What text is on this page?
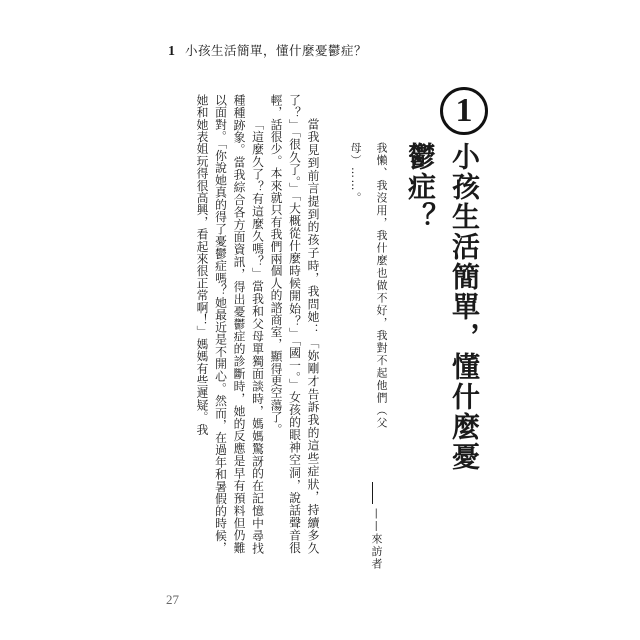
1 小孩生活簡單，懂什麼憂鬱症？
1
小孩生活簡單，懂什麼憂鬱症？
我懶、我沒用，我什麼也做不好，我對不起他們（父母）……。
——來訪者

當我見到前言提到的孩子時，我問她：「妳剛才告訴我的這些症狀，持續多久了？」「很久了。」「大概從什麼時候開始？」「國一。」女孩的眼神空洞，說話聲音很輕，話很少。本來就只有我們兩個人的諮商室，顯得更空蕩了。

「這麼久了？有這麼久嗎？」當我和父母單獨面談時，媽媽驚訝的在記憶中尋找種種跡象。當我綜合各方面資訊，得出憂鬱症的診斷時，她的反應是早有預料但仍難以面對。「你說她真的得了憂鬱症嗎？她最近是不開心。然而，在過年和暑假的時候，她和她表姐玩得很高興，看起來很正常啊！」媽媽有些遲疑。我

27
